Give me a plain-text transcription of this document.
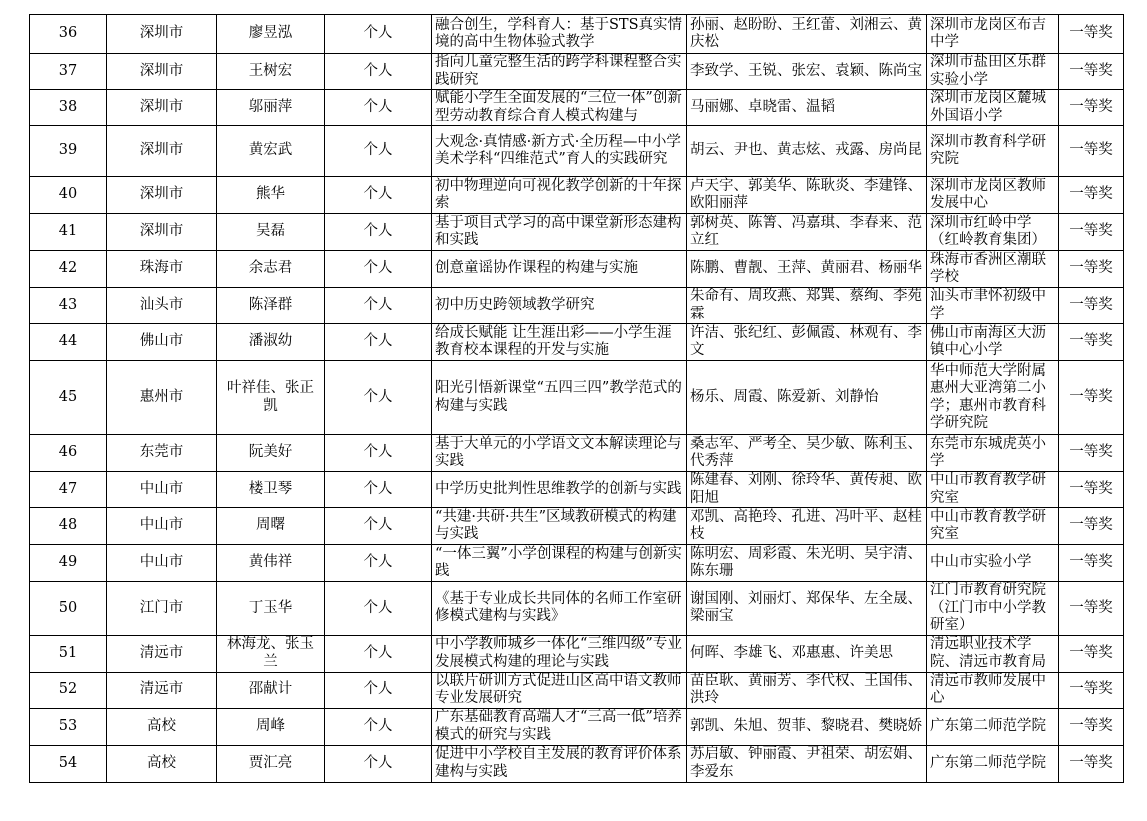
36	深圳市	廖昱泓	个人	融合创生，学科育人：基于STS真实情境的高中生物体验式教学	孙丽、赵盼盼、王红蕾、刘湘云、黄庆松	深圳市龙岗区布吉中学	一等奖
37	深圳市	王树宏	个人	指向儿童完整生活的跨学科课程整合实践研究	李致学、王锐、张宏、袁颖、陈尚宝	深圳市盐田区乐群实验小学	一等奖
38	深圳市	邬丽萍	个人	赋能小学生全面发展的“三位一体”创新型劳动教育综合育人模式构建与	马丽娜、卓晓雷、温韬	深圳市龙岗区麓城外国语小学	一等奖
39	深圳市	黄宏武	个人	大观念·真情感·新方式·全历程—中小学美术学科“四维范式”育人的实践研究	胡云、尹也、黄志炫、戎露、房尚昆	深圳市教育科学研究院	一等奖
40	深圳市	熊华	个人	初中物理逆向可视化教学创新的十年探索	卢天宇、郭美华、陈耿炎、李建锋、欧阳丽萍	深圳市龙岗区教师发展中心	一等奖
41	深圳市	吴磊	个人	基于项目式学习的高中课堂新形态建构和实践	郭树英、陈箐、冯嘉琪、李春来、范立红	深圳市红岭中学（红岭教育集团）	一等奖
42	珠海市	余志君	个人	创意童谣协作课程的构建与实施	陈鹏、曹靓、王萍、黄丽君、杨丽华	珠海市香洲区潮联学校	一等奖
43	汕头市	陈泽群	个人	初中历史跨领域教学研究	朱命有、周玫燕、郑巽、蔡绚、李苑霖	汕头市聿怀初级中学	一等奖
44	佛山市	潘淑幼	个人	给成长赋能 让生涯出彩——小学生涯教育校本课程的开发与实施	许洁、张纪红、彭佩霞、林观有、李文	佛山市南海区大沥镇中心小学	一等奖
45	惠州市	叶祥佳、张正凯	个人	阳光引悟新课堂“五四三四”教学范式的构建与实践	杨乐、周霞、陈爱新、刘静怡	华中师范大学附属惠州大亚湾第二小学；惠州市教育科学研究院	一等奖
46	东莞市	阮美好	个人	基于大单元的小学语文文本解读理论与实践	桑志军、严考全、吴少敏、陈利玉、代秀萍	东莞市东城虎英小学	一等奖
47	中山市	楼卫琴	个人	中学历史批判性思维教学的创新与实践	陈建春、刘刚、徐玲华、黄传昶、欧阳旭	中山市教育教学研究室	一等奖
48	中山市	周曙	个人	“共建·共研·共生”区域教研模式的构建与实践	邓凯、高艳玲、孔进、冯叶平、赵桂枝	中山市教育教学研究室	一等奖
49	中山市	黄伟祥	个人	“一体三翼”小学创课程的构建与创新实践	陈明宏、周彩霞、朱光明、吴宇清、陈东珊	中山市实验小学	一等奖
50	江门市	丁玉华	个人	《基于专业成长共同体的名师工作室研修模式建构与实践》	谢国刚、刘丽灯、郑保华、左全晟、梁丽宝	江门市教育研究院（江门市中小学教研室）	一等奖
51	清远市	林海龙、张玉兰	个人	中小学教师城乡一体化“三维四级”专业发展模式构建的理论与实践	何晖、李雄飞、邓惠惠、许美思	清远职业技术学院、清远市教育局	一等奖
52	清远市	邵献计	个人	以联片研训方式促进山区高中语文教师专业发展研究	苗臣耿、黄丽芳、李代权、王国伟、洪玲	清远市教师发展中心	一等奖
53	高校	周峰	个人	广东基础教育高端人才“三高一低”培养模式的研究与实践	郭凯、朱旭、贺菲、黎晓君、樊晓娇	广东第二师范学院	一等奖
54	高校	贾汇亮	个人	促进中小学校自主发展的教育评价体系建构与实践	苏启敏、钟丽霞、尹祖荣、胡宏娟、李爱东	广东第二师范学院	一等奖
